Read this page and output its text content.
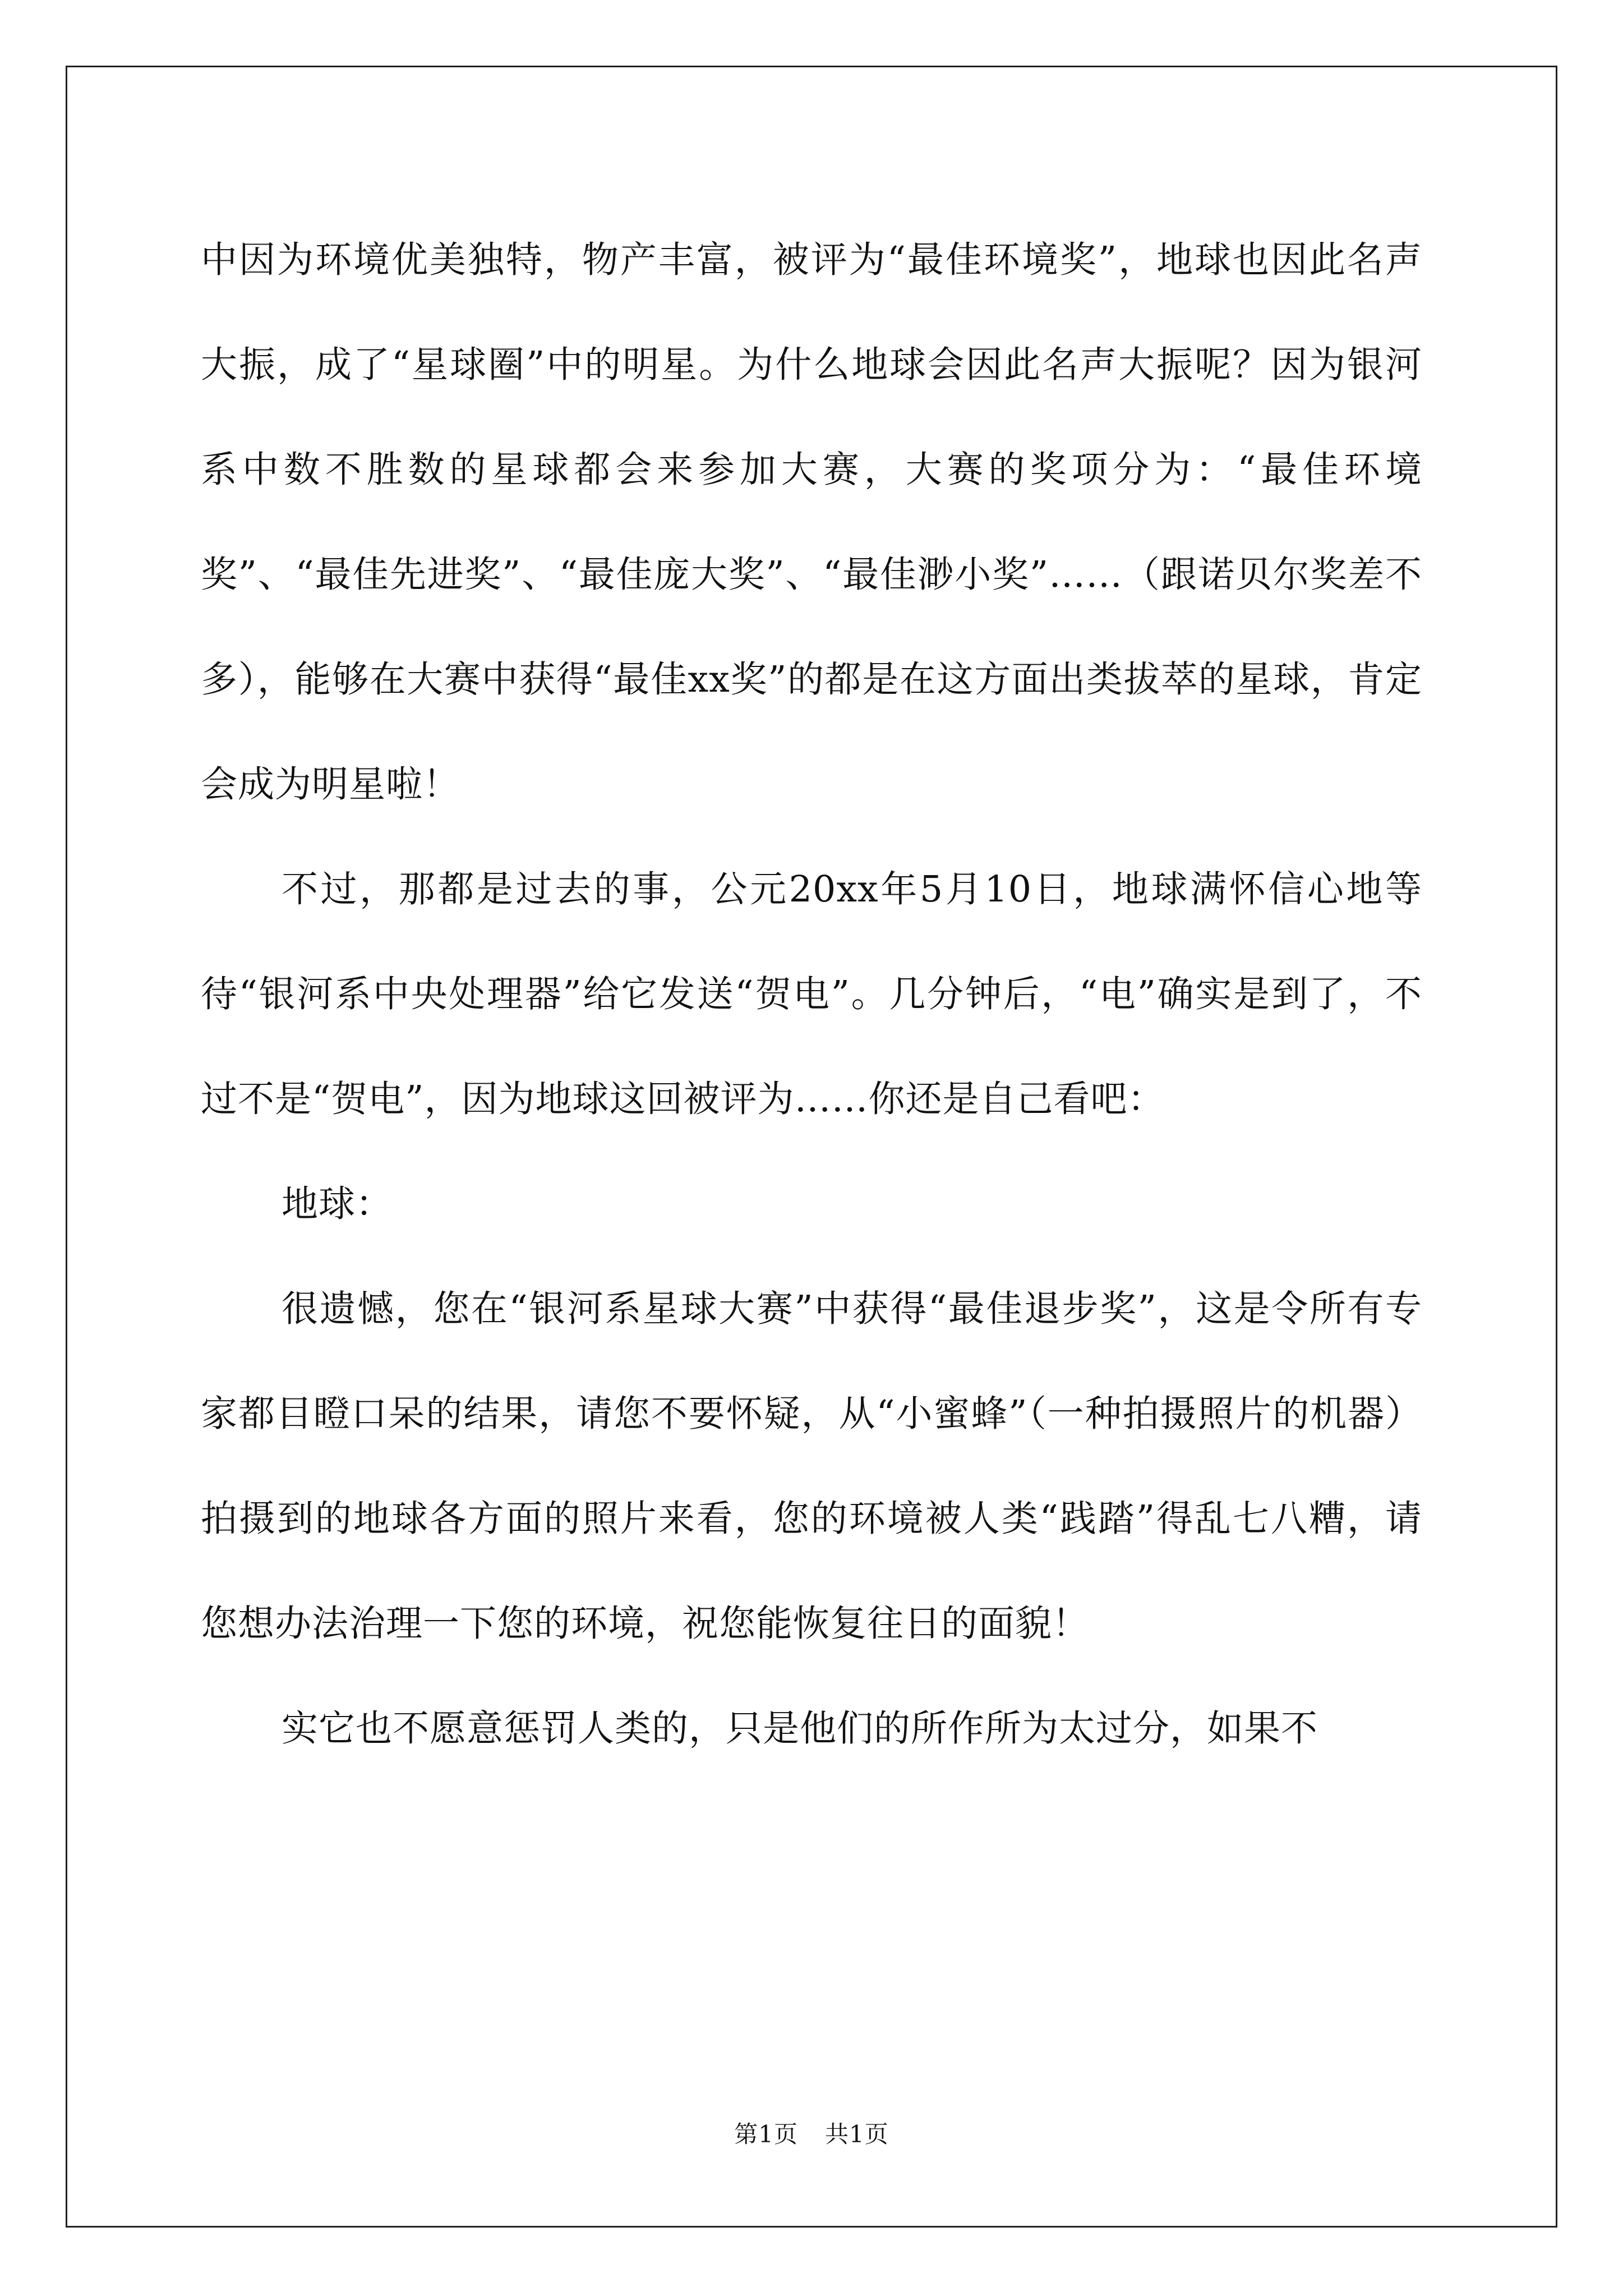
中因为环境优美独特，物产丰富，被评为“最佳环境奖”，地球也因此名声大振，成了“星球圈”中的明星。为什么地球会因此名声大振呢？因为银河系中数不胜数的星球都会来参加大赛，大赛的奖项分为：“最佳环境奖”、“最佳先进奖”、“最佳庞大奖”、“最佳渺小奖”……（跟诺贝尔奖差不多），能够在大赛中获得“最佳xx奖”的都是在这方面出类拔萃的星球，肯定会成为明星啦！

不过，那都是过去的事，公元20xx年5月10日，地球满怀信心地等待“银河系中央处理器”给它发送“贺电”。几分钟后，“电”确实是到了，不过不是“贺电”，因为地球这回被评为……你还是自己看吧：

地球：

很遗憾，您在“银河系星球大赛”中获得“最佳退步奖”，这是令所有专家都目瞪口呆的结果，请您不要怀疑，从“小蜜蜂”（一种拍摄照片的机器）拍摄到的地球各方面的照片来看，您的环境被人类“践踏”得乱七八糟，请您想办法治理一下您的环境，祝您能恢复往日的面貌！

实它也不愿意惩罚人类的，只是他们的所作所为太过分，如果不

第1页 共1页
